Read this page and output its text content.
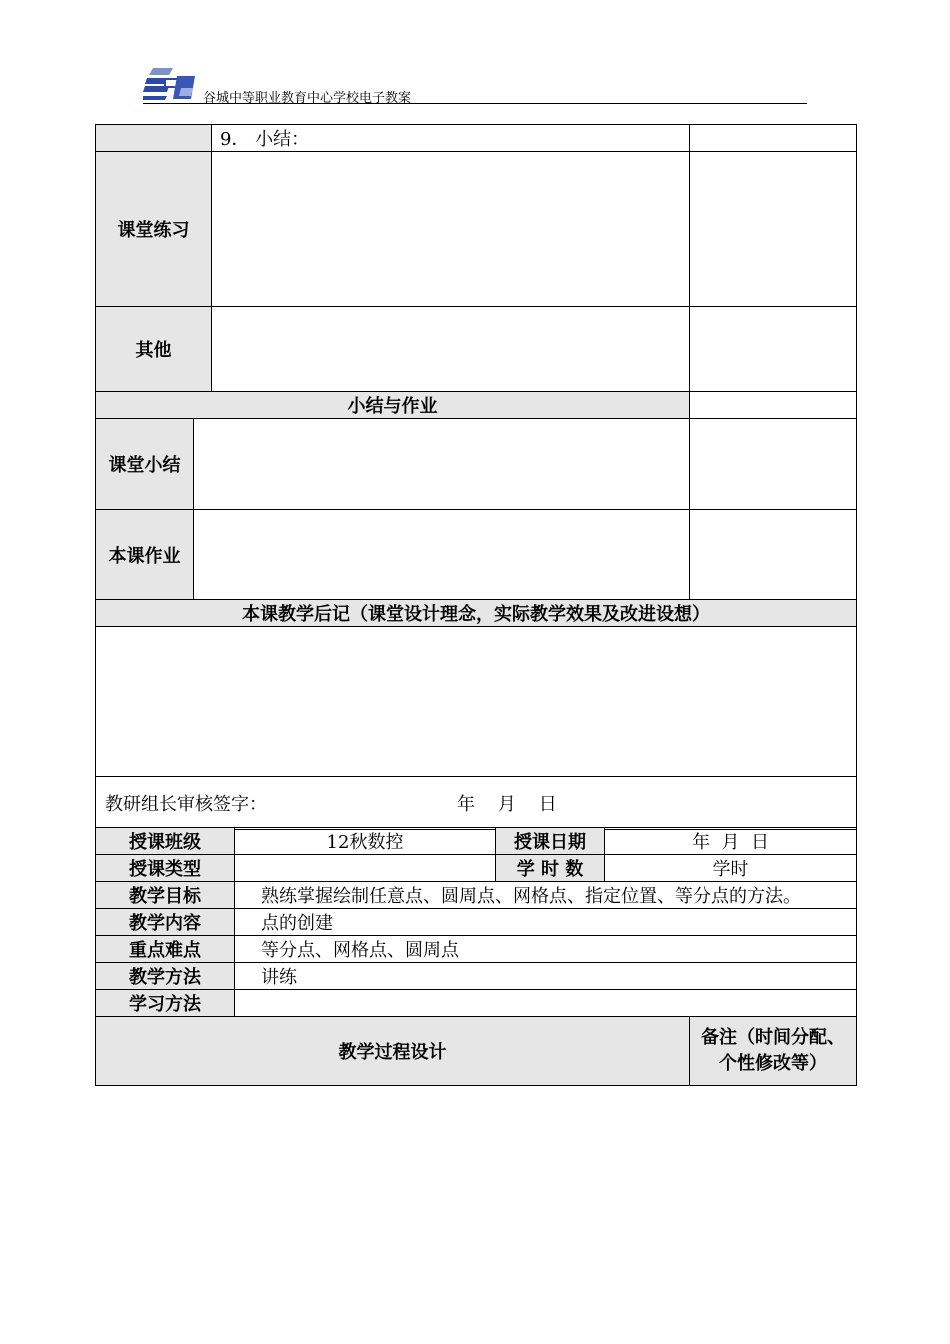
谷城中等职业教育中心学校电子教案
		9． 小结：	
课堂练习			
其他			
小结与作业			
课堂小结			
本课作业			
本课教学后记（课堂设计理念，实际教学效果及改进设想）			

教研组长审核签字： 年    月    日			
授课班级	12秋数控	授课日期	年  月  日	
授课类型		学 时 数	学时	
教学目标	熟练掌握绘制任意点、圆周点、网格点、指定位置、等分点的方法。			
教学内容	点的创建			
重点难点	等分点、网格点、圆周点			
教学方法	讲练			
学习方法				
教学过程设计				备注（时间分配、
个性修改等）
